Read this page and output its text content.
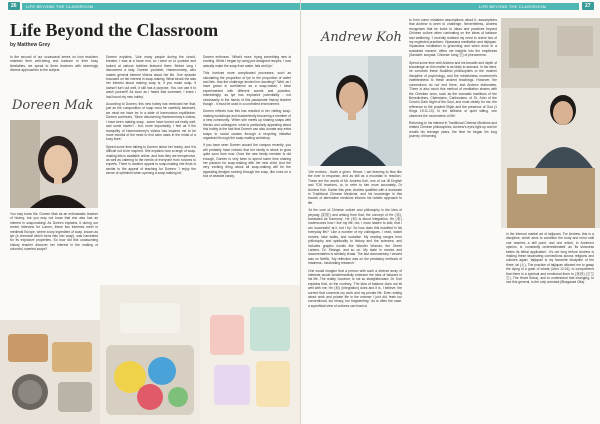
26	LIFE BEYOND THE CLASSROOM
Life Beyond the Classroom
by Matthew Grey

In the second of our occasional series on how teachers maintain their well-being and balance in their busy timetables, we speak to three teachers with seemingly diverse approaches to the subject.

Doreen Mak

You may know Ms. Doreen Mak as an enthusiastic teacher of history, but you may not know that she also has an interest in soap-making! As Doreen explains, it during our recent interview for Lumen, these two interests meet in medieval Europe, where a key ingredient of soap, known as lye (a chemical which turns fats into soap), was harvested for its explosive properties. So how did this unassuming history teacher discover her interest in the making of colourful, scented soaps?

Doreen explains, 'Like many people during the circuit-breaker, I was at a loose end, so I went on to youtube and looked at various hobbies featured there. Before long I discovered a lady, Doreen youtuber, Hammonmmy, who makes general interest Videos about her life. One episode focussed on her interest in soap-making. What struck me was her interest about making soap is, if you make soap, it doesn't turn out well, it still has a purpose. You can use it to wash yourself!' As soon as I heard that comment, I knew I had found my new hobby.'

According to Doreen, this new hobby has reminded her that, just as the composition of soap must be carefully balanced, we must we have be in a state of harmonious equilibrium. Doreen continues, 'Since discovering Hammonmmy's videos, I have been making soap - some have turned out really well, and some haven't - but, more importantly, I feel as if the tranquility of Hammonmmy's videos has inspired me to be more mindful of the need to find calm oasis in the midst of a busy lives.'

Speed some time talking to Doreen about her hobby, and it is difficult not to be inspired. She explains how a range of soap-making kits is available online, and how they are inexpensive, as well as catering to the needs of everyone from novices to experts. There is another appeal to soap-making she finds is similar to the appeal of teaching for Doreen: 'I enjoy the sense of optimism when opening a soap-making kit,'

Doreen enthuses. 'What's more, trying something new is exciting. While I began by using pre-designed recipes, I now actually make the soap from water, fats and lye.'

This involves more complicated processes, such as calculating the proportion of lye to the proportion of water and fats. Has the challenge dented her daunting? 'Well, as I have grown in confidence as a soap-maker, I have experimented with different scents and powders. Interestingly, as lye has explosive potentiality - not necessarily in the hands of this passionate history teacher though - it must be used in a controlled environment.

Doreen reflects how this has resulted in her visiting soap-making workshops and inadvertently becoming a member of a new community. 'When she meets up sharing soaps with friends and colleagues, what is particularly appealing about this hobby is the fact that Doreen can also donate any extra soaps to social causes through a recycling initiative organised through the soap-making workshop.

If you have seen Doreen around the campus recently, you will probably have noticed that her family is about to grow quite soon from now. Once the new family member is old enough, Doreen is very keen to spend some time sharing her passion for soap-making with her new child. And the very exciting thing about all soap-making will be the appealing designs running through the soap, like ones on a box of seaside candy.

LIFE BEYOND THE CLASSROOM	27
Andrew Koh

'Life evolves - that's a given. Hence, I am learning to flow like the river in response, and as still as a mountain in reaction.' These are the words of Mr. Andrew Koh, one of our IB English and TOK teachers, or, to refer to him more accurately, Dr Andrew Koh. Earlier this year, Andrew qualified with a doctorate in Traditional Chinese Medicine, and his knowledge in this branch of alternative medicine informs his holistic approach to life.

'At the core of Chinese culture and philosophy is the idea of yinyang (阴阳) and arising from that, the concept of He (和), translated as 'harmony'. He (和) is about integration, He (和) underscores how I live my life; not, I must hasten to add, that I am 'successful' at it, but I try.' So how does this manifest in his everyday life? 'Like a number of my colleagues, I read, watch movies, take walks, and socialise. My reading ranges from philosophy and spirituality to history and the sciences, and includes graphic novels like Wonder Woman, the Green Lantern, Dr. Strange, and so on. My taste in movies and documentaries is similarly broad. The last documentary I viewed was on Netflix, 'My reflection was on the predatory methods of madness - fascinating research.'

One would imagine that a person with such a diverse array of interests would wholeheartedly embrace the idea of balance in his life. The reality, however, is not so straightforward. Dr. Koh explains that, on the contrary, 'The idea of balance does not sit well with me; He (和) (integration) does and it is, I believe, the current that connects my work and my private life. Even writing about work and private life in the manner I just did, feels too conventional, too binary, too fragmenting.' As is often the case, a superficial view of cultures can lead us

to form some mistaken assumptions about it, assumptions that Andrew is keen to challenge. Nevertheless, Andrew recognises that he looks to ideas and practices beyond Chinese culture when ruminating on the ideas of balance and wellbeing. 'I recently realised my need to revive two of my neglected practices: Vipassana meditation and taijiquan. Vipassana meditation is grounding and when done in a sustained manner, offers me insights into the emptiness (Sanskrit: sunyata, Chinese: kong 空) of phenomena.

Spend some time with Andrew and his breadth and depth of knowledge on this matter is as likely to astound. In his mind, he connects these Buddhist philosophies to the modern discipline of psychology, and the mindfulness movement's indebtedness to these ancient teachings. However, the connections do not end there, and Andrew elaborates, 'There is also much this method of meditation shares with the Christian ones, such as the monastic traditions of the Benedictines, Cistercians, Carthusians, of St. John of the Cross's Dark Night of the Soul, and most clearly for me, the reference to the prophet Elijah and the presence of God (1 Kings 19:11-13). In the stillness of quiet sitting, one observes the movements of life.'

Returning to his interest in Traditional Chinese Medicine and related Chinese philosophies, Andrew's eyes light up and he recalls his teenage years, the time he began his long journey of learning

in the internal martial art of taijiquan. For Andrew, this is a discipline, which aims to condition the body and mind until one reaches a still point, and one which, in Andrew's opinion, is 'constantly underestimated' as 'its slowness belies its lethal application'. It's not long before Andrew is making these fascinating connections across religions and cultures again: 'taijiquan is my favourite discipline of the three, tai (太), The practice of taijiquan allowed me to grasp the dying of a grain of wheat (John 12:24), to comprehend that there is a spiritual and emotional them to (奥妙) (空空空), The Heart Sutra), and to understand that changing, to use this general, is the only constant (Bhagavad Gita).'
